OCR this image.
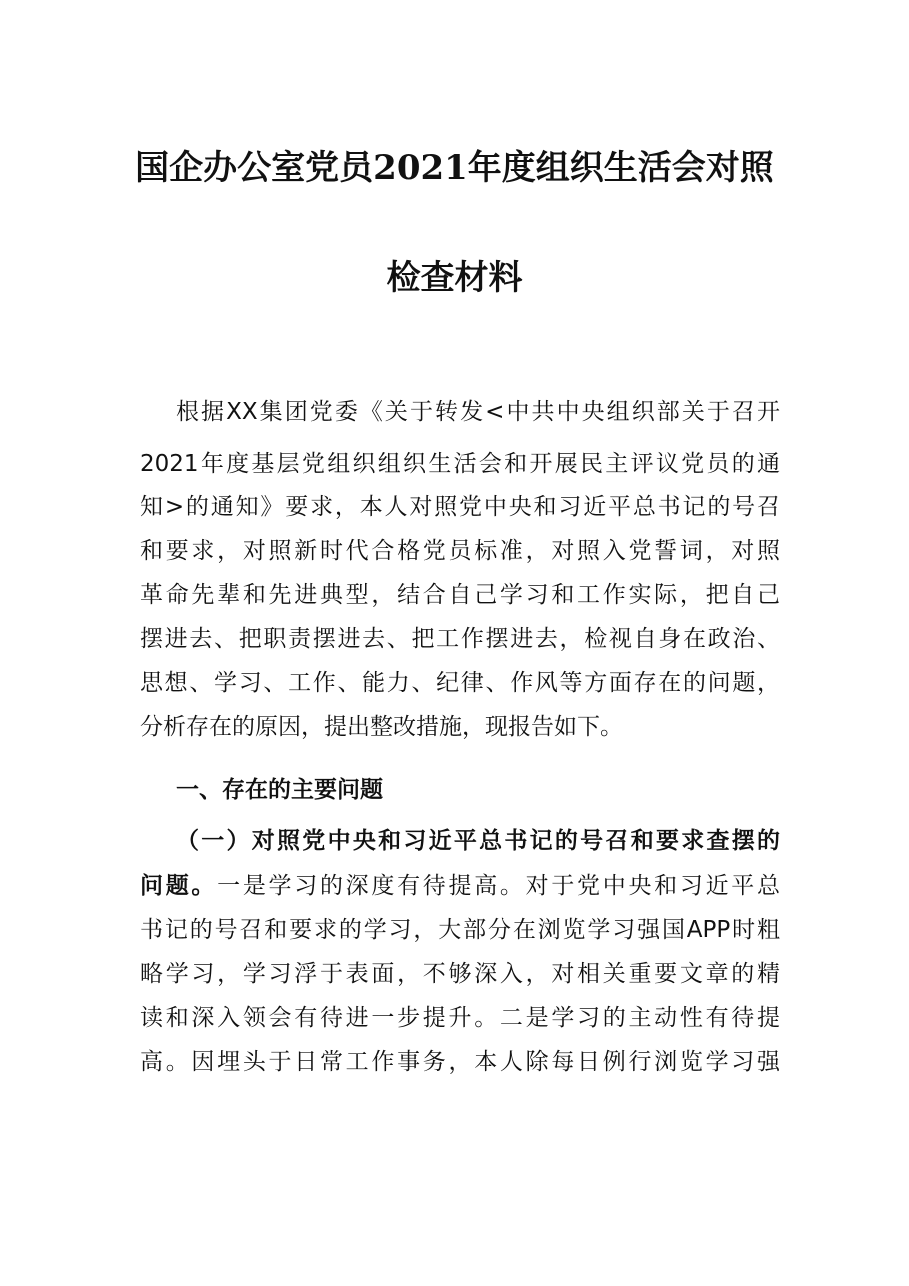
国企办公室党员2021年度组织生活会对照
检查材料
根据XX集团党委《关于转发<中共中央组织部关于召开
2021年度基层党组织组织生活会和开展民主评议党员的通
知>的通知》要求，本人对照党中央和习近平总书记的号召
和要求，对照新时代合格党员标准，对照入党誓词，对照
革命先辈和先进典型，结合自己学习和工作实际，把自己
摆进去、把职责摆进去、把工作摆进去，检视自身在政治、
思想、学习、工作、能力、纪律、作风等方面存在的问题，
分析存在的原因，提出整改措施，现报告如下。
一、存在的主要问题
（一）对照党中央和习近平总书记的号召和要求查摆的
问题。一是学习的深度有待提高。对于党中央和习近平总
书记的号召和要求的学习，大部分在浏览学习强国APP时粗
略学习，学习浮于表面，不够深入，对相关重要文章的精
读和深入领会有待进一步提升。二是学习的主动性有待提
高。因埋头于日常工作事务，本人除每日例行浏览学习强
